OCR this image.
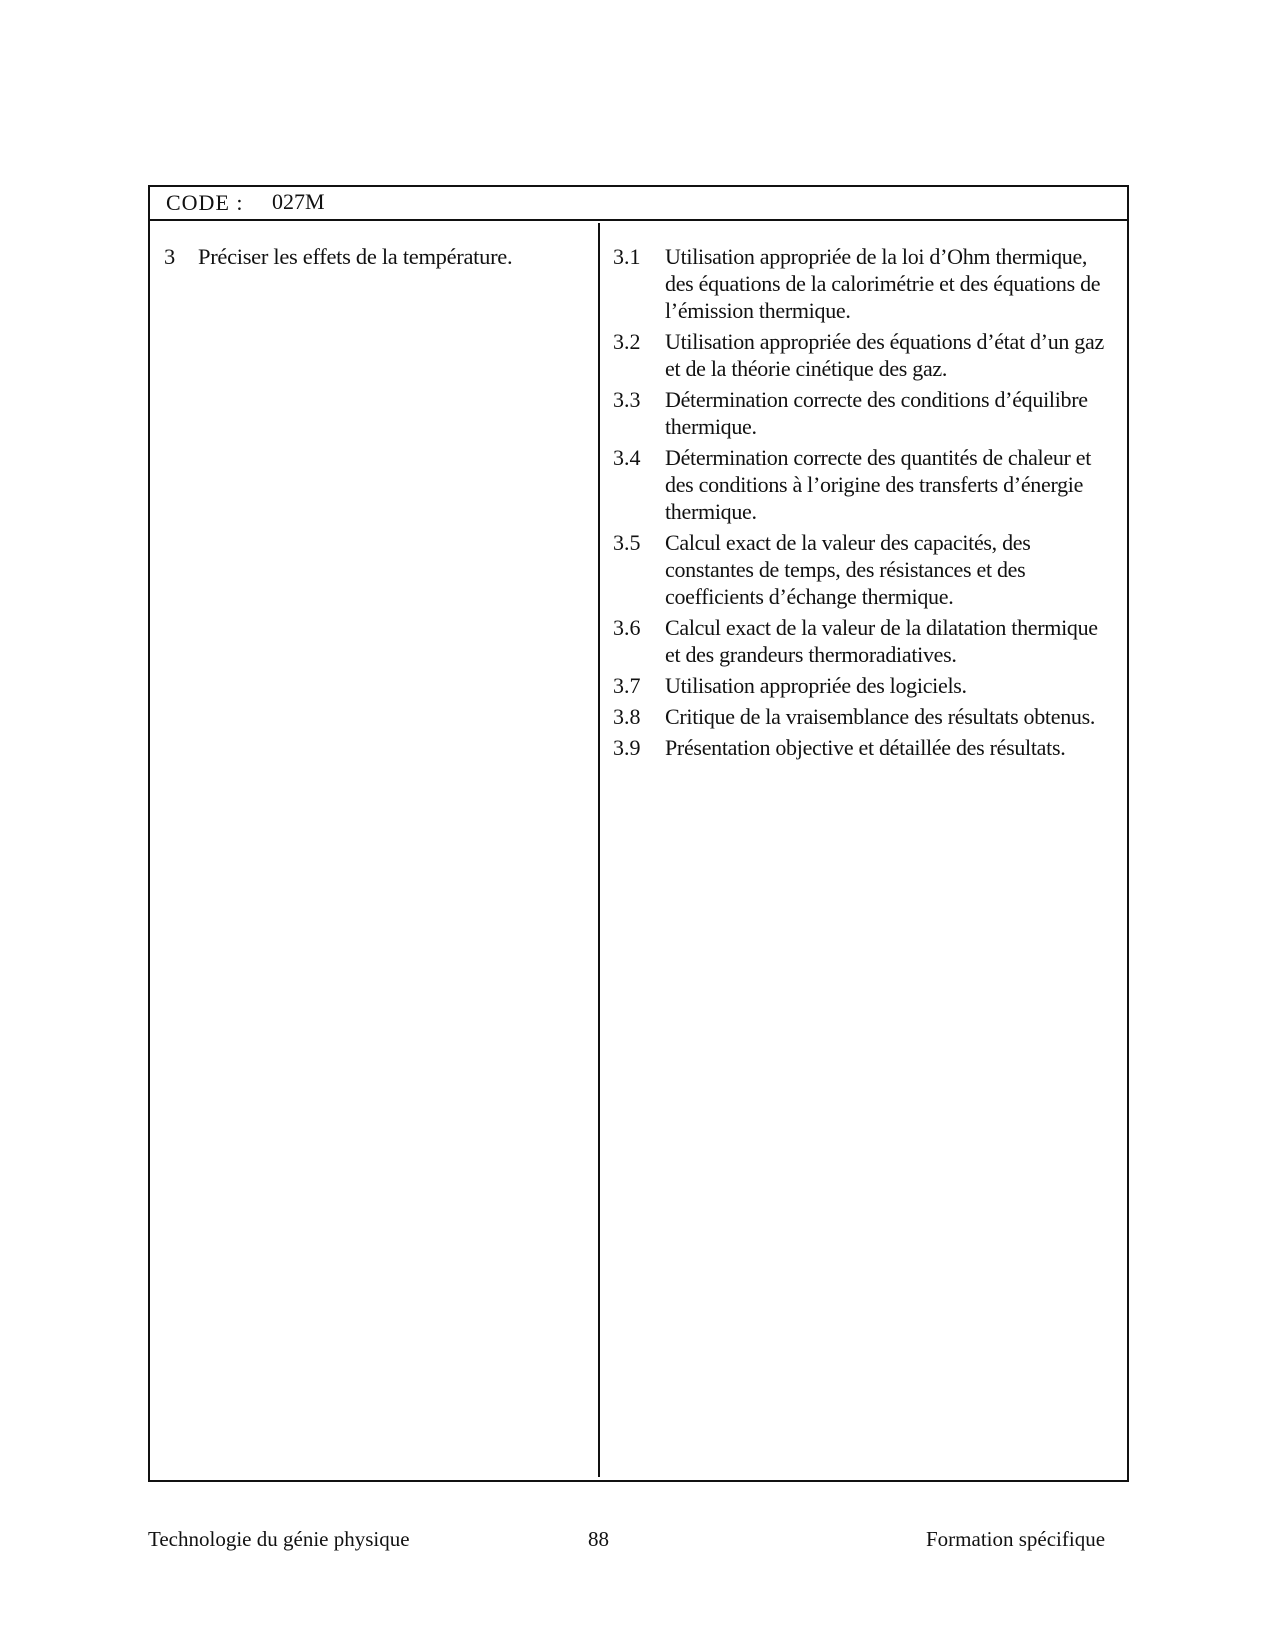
CODE : 027M
3 Préciser les effets de la température.	3.1 Utilisation appropriée de la loi d’Ohm thermique, des équations de la calorimétrie et des équations de l’émission thermique.
3.2 Utilisation appropriée des équations d’état d’un gaz et de la théorie cinétique des gaz.
3.3 Détermination correcte des conditions d’équilibre thermique.
3.4 Détermination correcte des quantités de chaleur et des conditions à l’origine des transferts d’énergie thermique.
3.5 Calcul exact de la valeur des capacités, des constantes de temps, des résistances et des coefficients d’échange thermique.
3.6 Calcul exact de la valeur de la dilatation thermique et des grandeurs thermoradiatives.
3.7 Utilisation appropriée des logiciels.
3.8 Critique de la vraisemblance des résultats obtenus.
3.9 Présentation objective et détaillée des résultats.
Technologie du génie physique	88	Formation spécifique
